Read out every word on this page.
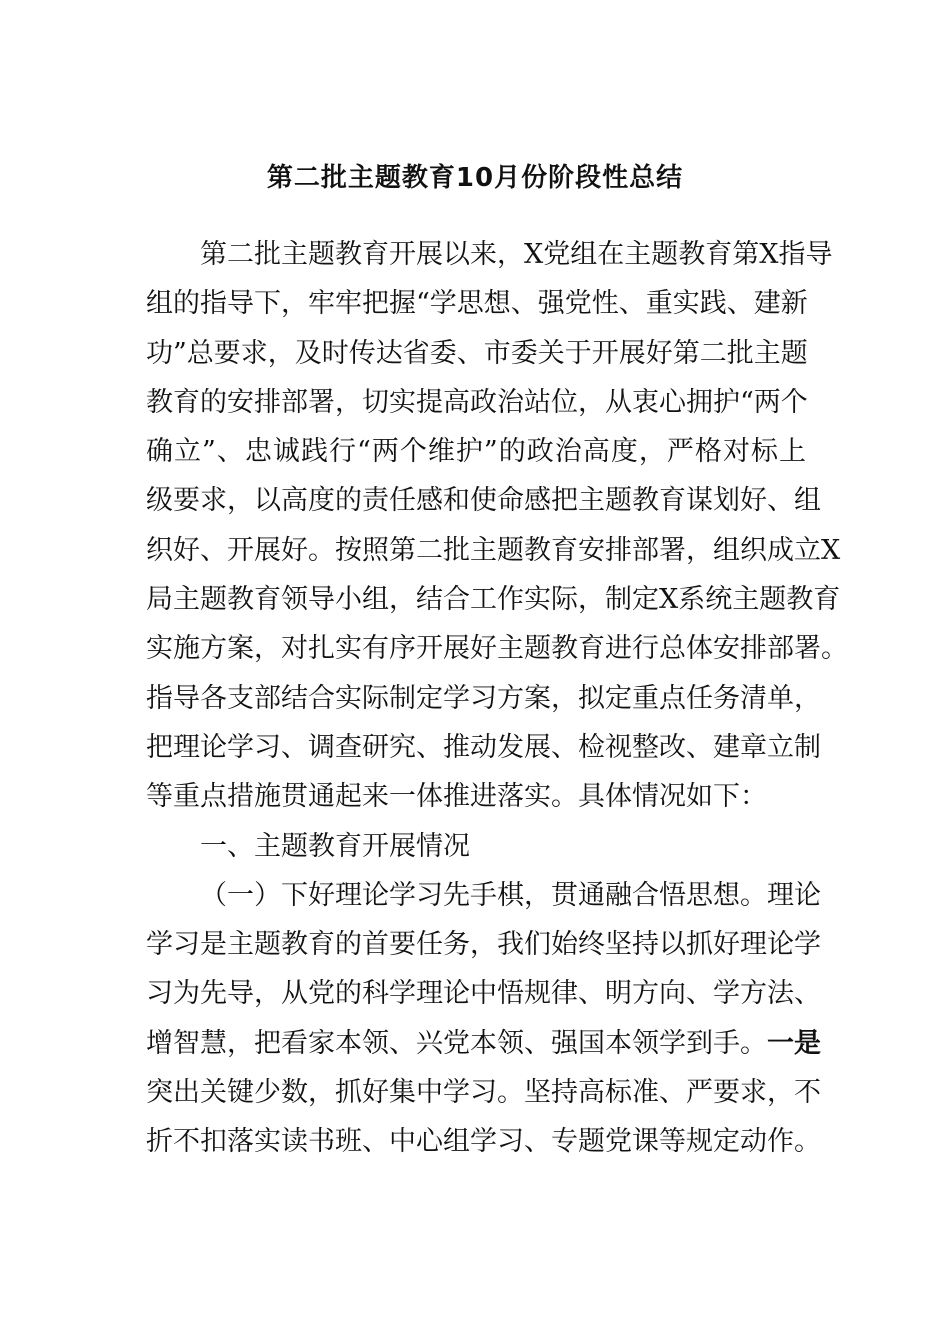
第二批主题教育10月份阶段性总结
第二批主题教育开展以来，X党组在主题教育第X指导
组的指导下，牢牢把握“学思想、强党性、重实践、建新
功”总要求，及时传达省委、市委关于开展好第二批主题
教育的安排部署，切实提高政治站位，从衷心拥护“两个
确立”、忠诚践行“两个维护”的政治高度，严格对标上
级要求，以高度的责任感和使命感把主题教育谋划好、组
织好、开展好。按照第二批主题教育安排部署，组织成立X
局主题教育领导小组，结合工作实际，制定X系统主题教育
实施方案，对扎实有序开展好主题教育进行总体安排部署。
指导各支部结合实际制定学习方案，拟定重点任务清单，
把理论学习、调查研究、推动发展、检视整改、建章立制
等重点措施贯通起来一体推进落实。具体情况如下：
一、主题教育开展情况
（一）下好理论学习先手棋，贯通融合悟思想。理论
学习是主题教育的首要任务，我们始终坚持以抓好理论学
习为先导，从党的科学理论中悟规律、明方向、学方法、
增智慧，把看家本领、兴党本领、强国本领学到手。一是
突出关键少数，抓好集中学习。坚持高标准、严要求，不
折不扣落实读书班、中心组学习、专题党课等规定动作。
